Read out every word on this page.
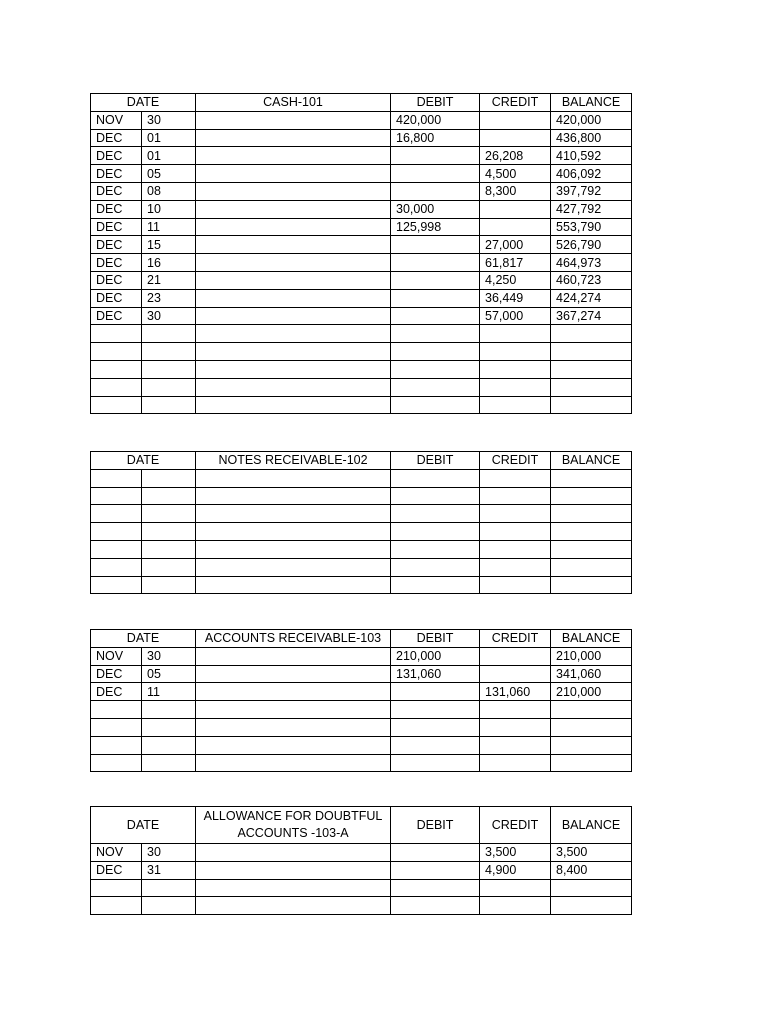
DATE		CASH-101	DEBIT	CREDIT	BALANCE
NOV	30		420,000		420,000
DEC	01		16,800		436,800
DEC	01			26,208	410,592
DEC	05			4,500	406,092
DEC	08			8,300	397,792
DEC	10		30,000		427,792
DEC	11		125,998		553,790
DEC	15			27,000	526,790
DEC	16			61,817	464,973
DEC	21			4,250	460,723
DEC	23			36,449	424,274
DEC	30			57,000	367,274

DATE		NOTES RECEIVABLE-102	DEBIT	CREDIT	BALANCE

DATE		ACCOUNTS RECEIVABLE-103	DEBIT	CREDIT	BALANCE
NOV	30		210,000		210,000
DEC	05		131,060		341,060
DEC	11			131,060	210,000

DATE		ALLOWANCE FOR DOUBTFUL ACCOUNTS -103-A	DEBIT	CREDIT	BALANCE
NOV	30			3,500	3,500
DEC	31			4,900	8,400
